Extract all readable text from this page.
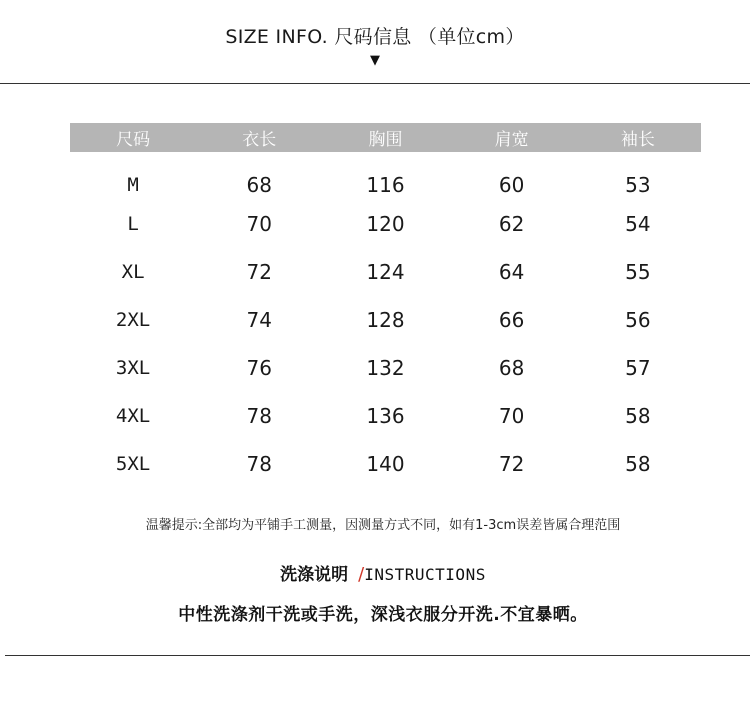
SIZE INFO. 尺码信息 （单位cm）
▼
尺码	衣长	胸围	肩宽	袖长
M	68	116	60	53
L	70	120	62	54
XL	72	124	64	55
2XL	74	128	66	56
3XL	76	132	68	57
4XL	78	136	70	58
5XL	78	140	72	58
温馨提示:全部均为平铺手工测量，因测量方式不同，如有1-3cm误差皆属合理范围
洗涤说明 /INSTRUCTIONS
中性洗涤剂干洗或手洗，深浅衣服分开洗.不宜暴晒。
